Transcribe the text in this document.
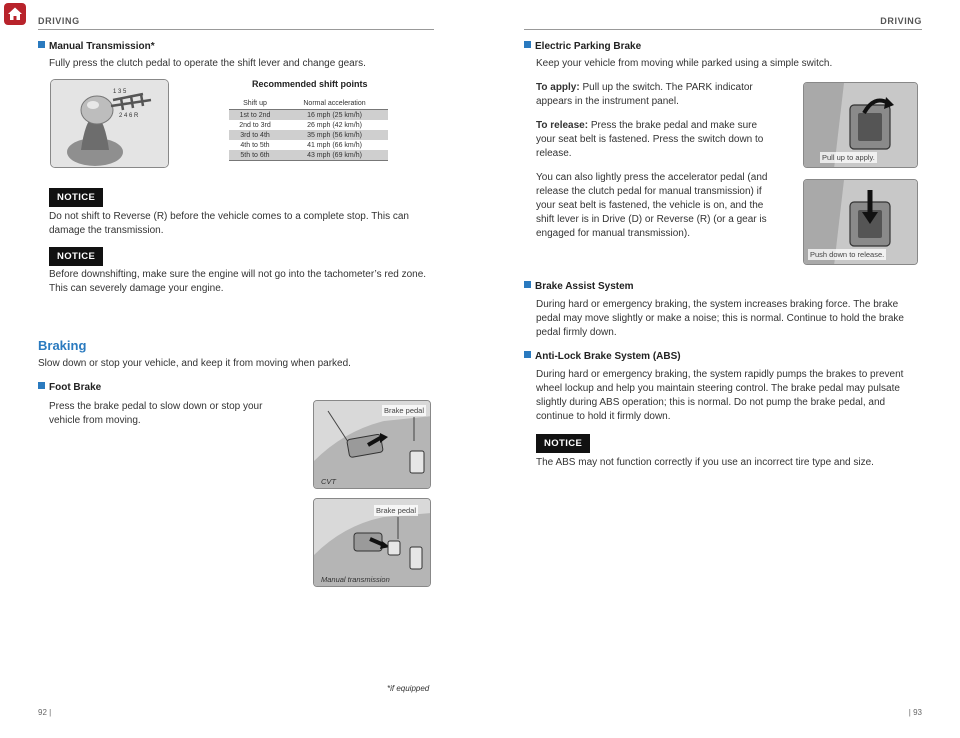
DRIVING
Manual Transmission*
Fully press the clutch pedal to operate the shift lever and change gears.
1 3 5
2 4 6 R
Recommended shift points
Shift up	Normal acceleration
1st to 2nd	16 mph (25 km/h)
2nd to 3rd	26 mph (42 km/h)
3rd to 4th	35 mph (56 km/h)
4th to 5th	41 mph (66 km/h)
5th to 6th	43 mph (69 km/h)
NOTICE
Do not shift to Reverse (R) before the vehicle comes to a complete stop. This can damage the transmission.
NOTICE
Before downshifting, make sure the engine will not go into the tachometer’s red zone. This can severely damage your engine.
Braking
Slow down or stop your vehicle, and keep it from moving when parked.
Foot Brake
Press the brake pedal to slow down or stop your vehicle from moving.
Brake pedal
CVT
Brake pedal
Manual transmission
*if equipped
92 |
DRIVING
Electric Parking Brake
Keep your vehicle from moving while parked using a simple switch.
To apply: Pull up the switch. The PARK indicator appears in the instrument panel.
To release: Press the brake pedal and make sure your seat belt is fastened. Press the switch down to release.
You can also lightly press the accelerator pedal (and release the clutch pedal for manual transmission) if your seat belt is fastened, the vehicle is on, and the shift lever is in Drive (D) or Reverse (R) (or a gear is engaged for manual transmission).
Pull up to apply.
Push down to release.
Brake Assist System
During hard or emergency braking, the system increases braking force. The brake pedal may move slightly or make a noise; this is normal. Continue to hold the brake pedal firmly down.
Anti-Lock Brake System (ABS)
During hard or emergency braking, the system rapidly pumps the brakes to prevent wheel lockup and help you maintain steering control. The brake pedal may pulsate slightly during ABS operation; this is normal. Do not pump the brake pedal, and continue to hold it firmly down.
NOTICE
The ABS may not function correctly if you use an incorrect tire type and size.
| 93
